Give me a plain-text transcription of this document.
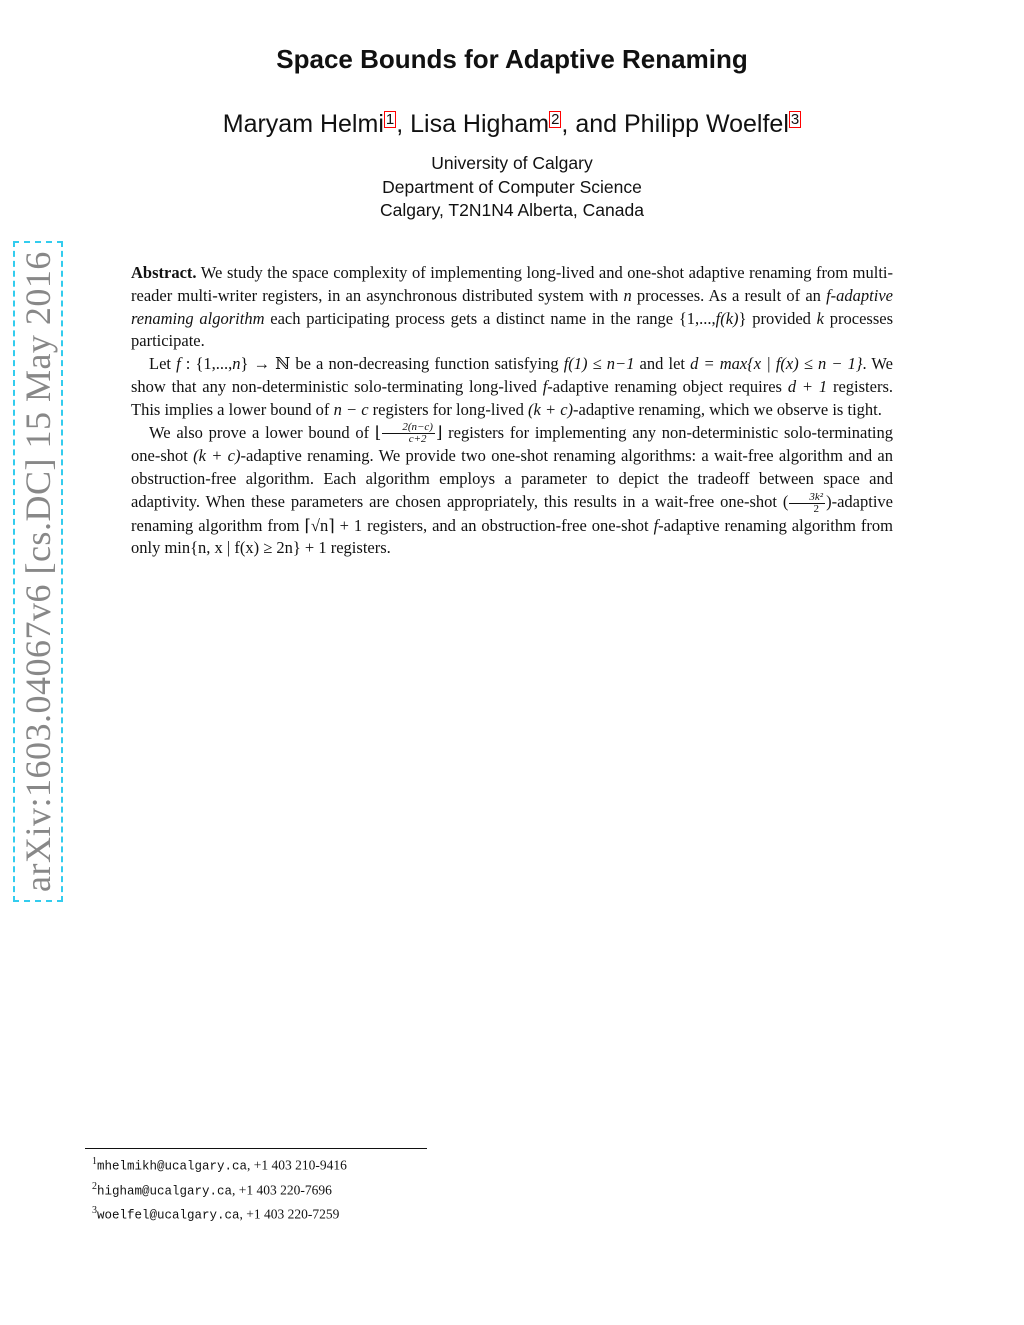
Space Bounds for Adaptive Renaming
Maryam Helmi 1, Lisa Higham 2, and Philipp Woelfel 3
University of Calgary
Department of Computer Science
Calgary, T2N1N4 Alberta, Canada

Abstract. We study the space complexity of implementing long-lived and one-shot adaptive renaming from multi-reader multi-writer registers, in an asynchronous distributed system with n processes. As a result of an f-adaptive renaming algorithm each participating process gets a distinct name in the range {1,...,f(k)} provided k processes participate.

Let f : {1,...,n} → ℕ be a non-decreasing function satisfying f(1) ≤ n−1 and let d = max{x | f(x) ≤ n − 1}. We show that any non-deterministic solo-terminating long-lived f-adaptive renaming object requires d + 1 registers. This implies a lower bound of n − c registers for long-lived (k + c)-adaptive renaming, which we observe is tight.

We also prove a lower bound of ⌊ $\frac{2(n-c)}{c+2}$ ⌋ registers for implementing any non-deterministic solo-terminating one-shot (k + c)-adaptive renaming. We provide two one-shot renaming algorithms: a wait-free algorithm and an obstruction-free algorithm. Each algorithm employs a parameter to depict the tradeoff between space and adaptivity. When these parameters are chosen appropriately, this results in a wait-free one-shot ( $\frac{\text{3k²}}{2}$ )-adaptive renaming algorithm from ⌈√n⌉ + 1 registers, and an obstruction-free one-shot f-adaptive renaming algorithm from only min{n, x | f(x) ≥ 2n} + 1 registers.

arXiv:1603.04067v6 [cs.DC] 15 May 2016
$^1$mhelmikh@ucalgary.ca, +1 403 210-9416
$^2$higham@ucalgary.ca, +1 403 220-7696
$^3$woelfel@ucalgary.ca, +1 403 220-7259
